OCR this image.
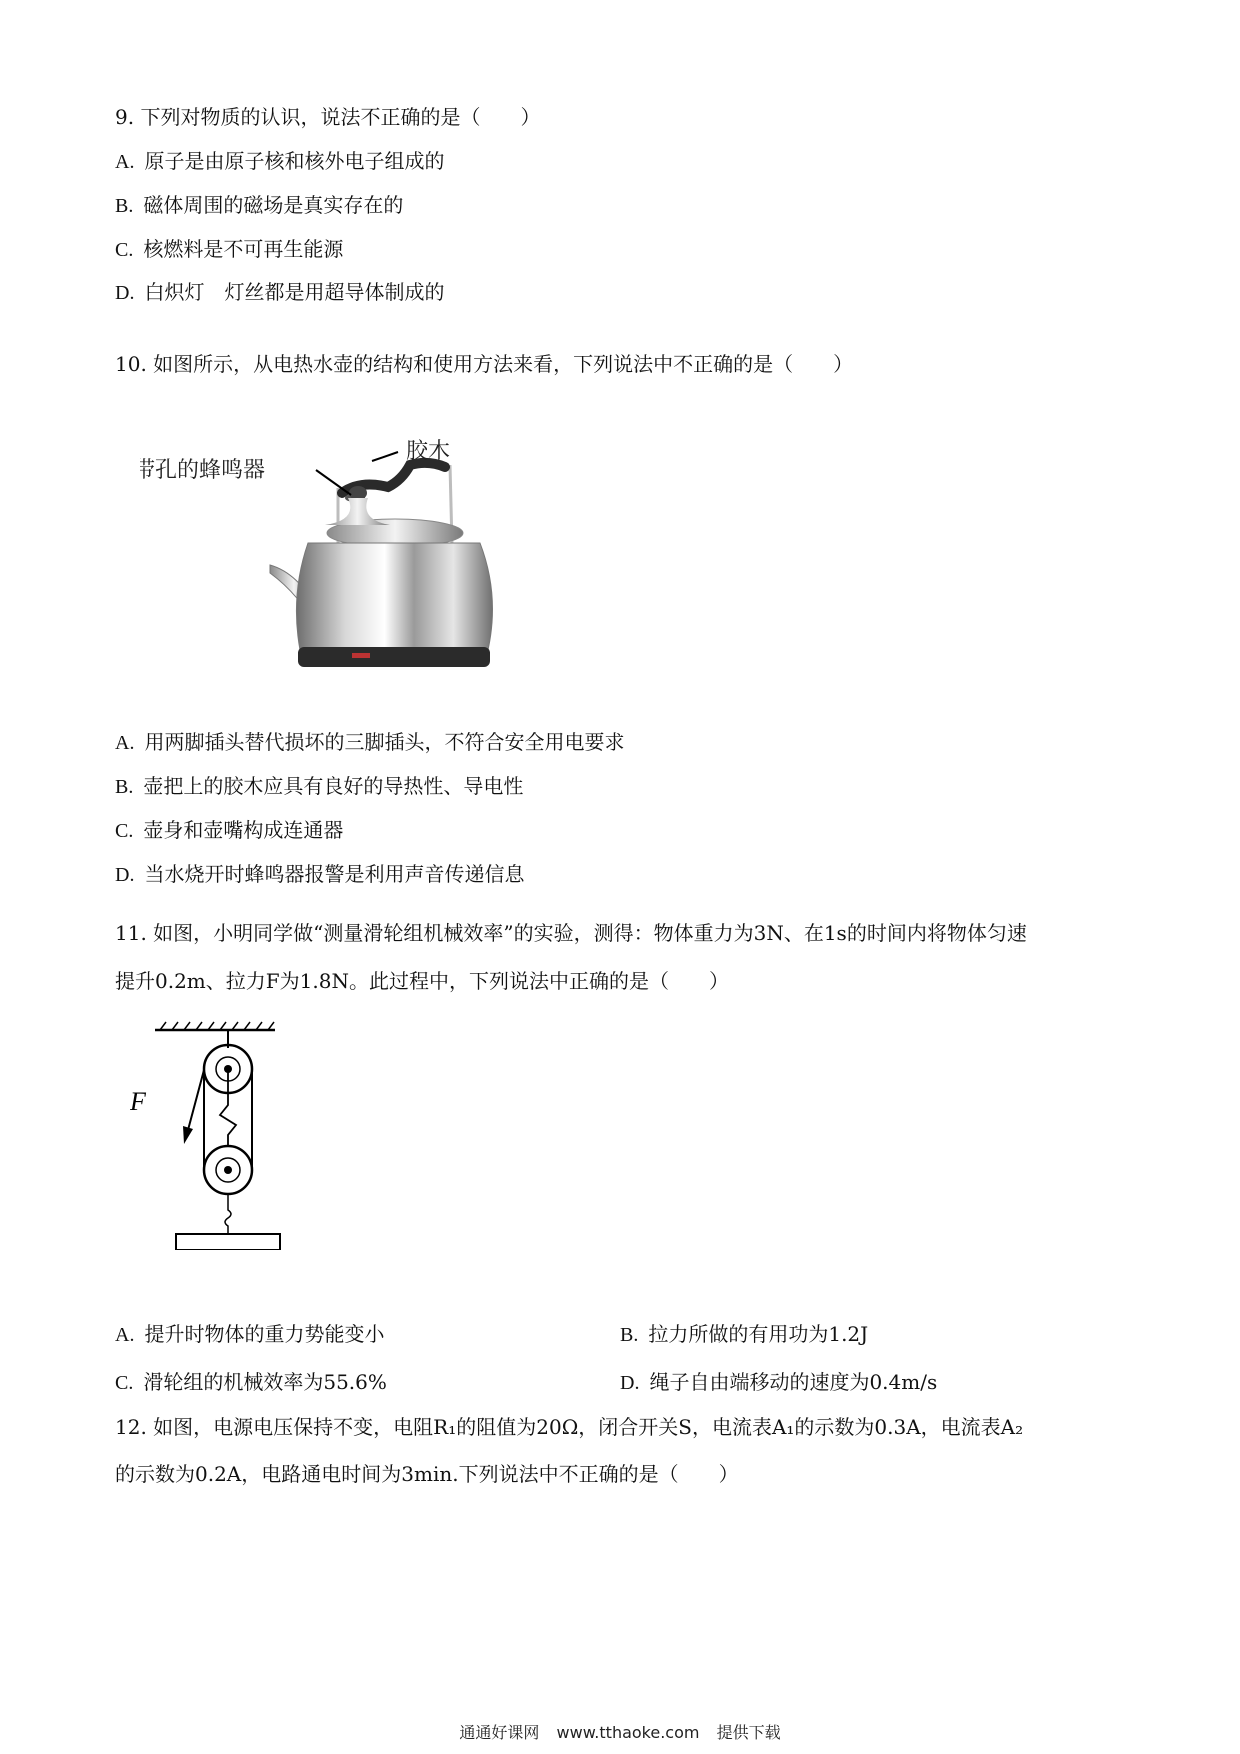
9. 下列对物质的认识，说法不正确的是（　　）
A. 原子是由原子核和核外电子组成的
B. 磁体周围的磁场是真实存在的
C. 核燃料是不可再生能源
D. 白炽灯　灯丝都是用超导体制成的
10. 如图所示，从电热水壶的结构和使用方法来看，下列说法中不正确的是（　　）
带孔的蜂鸣器
胶木
A. 用两脚插头替代损坏的三脚插头，不符合安全用电要求
B. 壶把上的胶木应具有良好的导热性、导电性
C. 壶身和壶嘴构成连通器
D. 当水烧开时蜂鸣器报警是利用声音传递信息
11. 如图，小明同学做“测量滑轮组机械效率”的实验，测得：物体重力为3N、在1s的时间内将物体匀速
提升0.2m、拉力F为1.8N。此过程中，下列说法中正确的是（　　）
F
A. 提升时物体的重力势能变小	B. 拉力所做的有用功为1.2J
C. 滑轮组的机械效率为55.6%	D. 绳子自由端移动的速度为0.4m/s
12. 如图，电源电压保持不变，电阻R₁的阻值为20Ω，闭合开关S，电流表A₁的示数为0.3A，电流表A₂
的示数为0.2A，电路通电时间为3min.下列说法中不正确的是（　　）
通通好课网 www.tthaoke.com 提供下载
